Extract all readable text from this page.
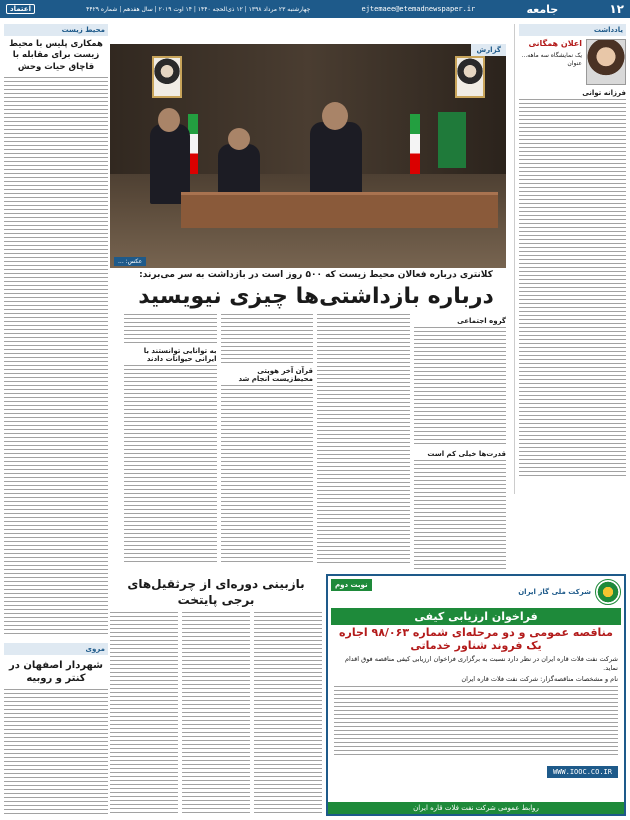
١٢
جامعه
ejtemaee@etemadnewspaper.ir
چهارشنبه ۲۳ مرداد ۱۳۹۸ | ۱۲ ذی‌الحجه ۱۴۴۰ | ۱۴ اوت ۲۰۱۹ | سال هفدهم | شماره ۴۴۲۹
اعتماد
یادداشت
اعلان همگانی
یک نمایشگاه سه ماهه... عنوان
فرزانه توانی
محیط زیست
همکاری پلیس با محیط زیست برای مقابله با قاچاق حیات وحش
مروی
شهردار اصفهان در کنتر و روبیه
گزارش
عکس: ...
کلانتری درباره فعالان محیط زیست که ۵۰۰ روز است در بازداشت به سر می‌برند:
درباره بازداشتی‌ها چیزی نیویسید
گروه اجتماعی
قدرت‌ها خیلی کم است
قرآن آخر هویتی محیط‌زیست انجام شد
به توانایی توانستند با ایرانی حیوانات دادند
بازبینی دوره‌ای از چرثقیل‌های برجی پایتخت
شرکت ملی گاز ایران
نوبت دوم
فراخوان ارزیابی کیفی
مناقصه عمومی و دو مرحله‌ای شماره ۹۸/۰۶۳ اجاره یک فروند شناور خدماتی
شرکت نفت فلات قاره ایران در نظر دارد نسبت به برگزاری فراخوان ارزیابی کیفی مناقصه فوق اقدام نماید.
نام و مشخصات مناقصه‌گزار: شرکت نفت فلات قاره ایران
WWW.IOOC.CO.IR
روابط عمومی شرکت نفت فلات قاره ایران
